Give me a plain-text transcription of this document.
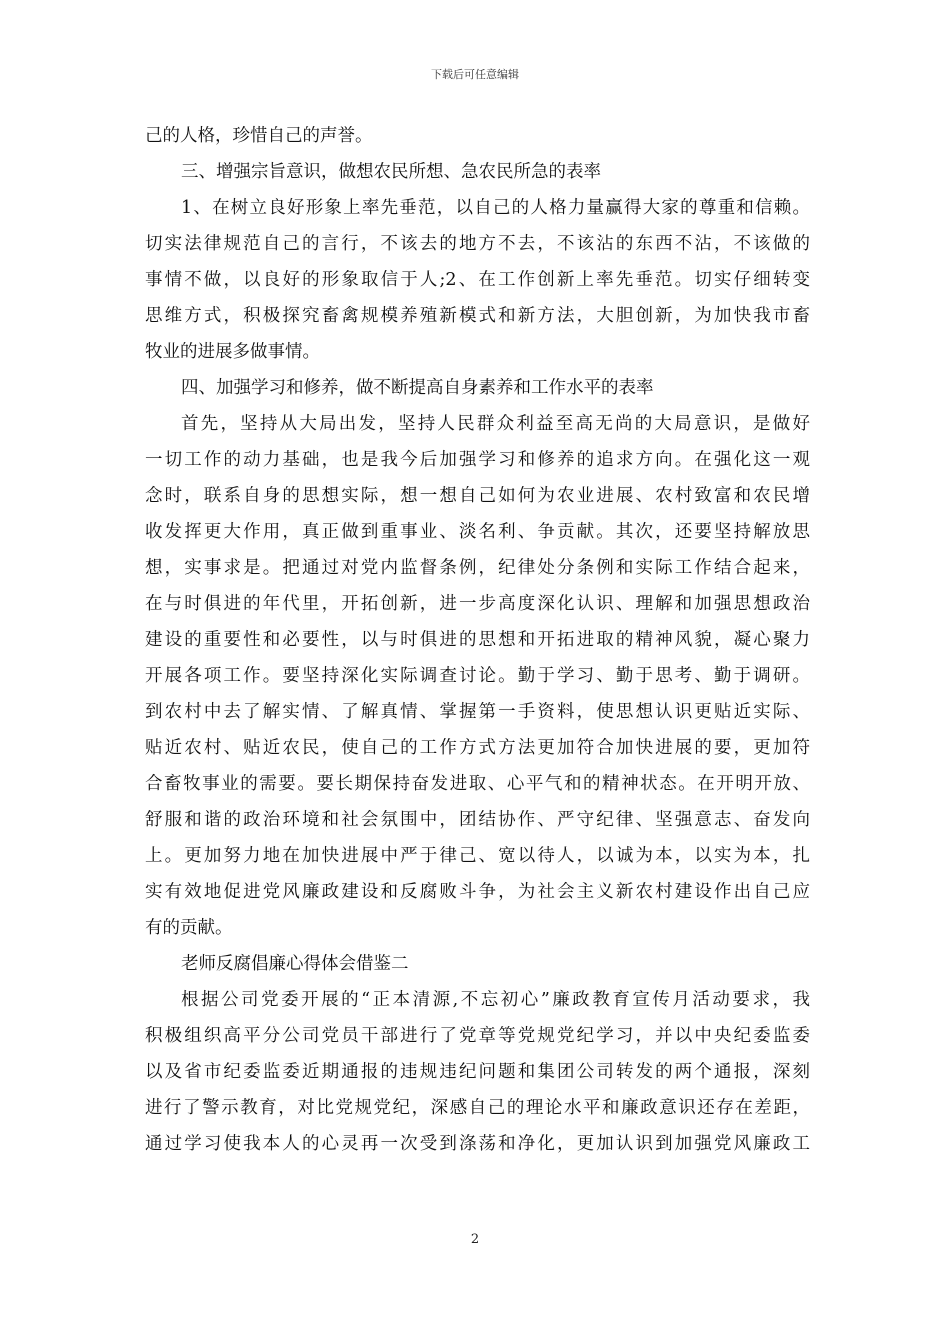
下载后可任意编辑
己的人格，珍惜自己的声誉。
三、增强宗旨意识，做想农民所想、急农民所急的表率
1、在树立良好形象上率先垂范，以自己的人格力量赢得大家的尊重和信赖。
切实法律规范自己的言行，不该去的地方不去，不该沾的东西不沾，不该做的
事情不做，以良好的形象取信于人;2、在工作创新上率先垂范。切实仔细转变
思维方式，积极探究畜禽规模养殖新模式和新方法，大胆创新，为加快我市畜
牧业的进展多做事情。
四、加强学习和修养，做不断提高自身素养和工作水平的表率
首先，坚持从大局出发，坚持人民群众利益至高无尚的大局意识，是做好
一切工作的动力基础，也是我今后加强学习和修养的追求方向。在强化这一观
念时，联系自身的思想实际，想一想自己如何为农业进展、农村致富和农民增
收发挥更大作用，真正做到重事业、淡名利、争贡献。其次，还要坚持解放思
想，实事求是。把通过对党内监督条例，纪律处分条例和实际工作结合起来，
在与时俱进的年代里，开拓创新，进一步高度深化认识、理解和加强思想政治
建设的重要性和必要性，以与时俱进的思想和开拓进取的精神风貌，凝心聚力
开展各项工作。要坚持深化实际调查讨论。勤于学习、勤于思考、勤于调研。
到农村中去了解实情、了解真情、掌握第一手资料，使思想认识更贴近实际、
贴近农村、贴近农民，使自己的工作方式方法更加符合加快进展的要，更加符
合畜牧事业的需要。要长期保持奋发进取、心平气和的精神状态。在开明开放、
舒服和谐的政治环境和社会氛围中，团结协作、严守纪律、坚强意志、奋发向
上。更加努力地在加快进展中严于律己、宽以待人，以诚为本，以实为本，扎
实有效地促进党风廉政建设和反腐败斗争，为社会主义新农村建设作出自己应
有的贡献。
老师反腐倡廉心得体会借鉴二
根据公司党委开展的“正本清源,不忘初心”廉政教育宣传月活动要求，我
积极组织高平分公司党员干部进行了党章等党规党纪学习，并以中央纪委监委
以及省市纪委监委近期通报的违规违纪问题和集团公司转发的两个通报，深刻
进行了警示教育，对比党规党纪，深感自己的理论水平和廉政意识还存在差距，
通过学习使我本人的心灵再一次受到涤荡和净化，更加认识到加强党风廉政工
2
